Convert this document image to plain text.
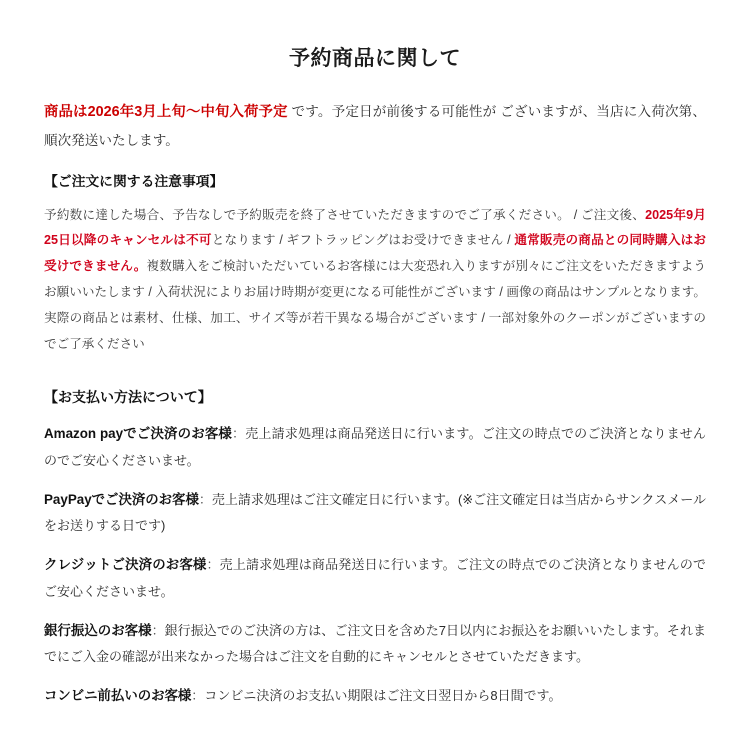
予約商品に関して

商品は2026年3月上旬〜中旬入荷予定 です。予定日が前後する可能性が ございますが、当店に入荷次第、順次発送いたします。

【ご注文に関する注意事項】

予約数に達した場合、予告なしで予約販売を終了させていただきますのでご了承ください。 / ご注文後、2025年9月25日以降のキャンセルは不可となります / ギフトラッピングはお受けできません / 通常販売の商品との同時購入はお受けできません。複数購入をご検討いただいているお客様には大変恐れ入りますが別々にご注文をいただきますようお願いいたします / 入荷状況によりお届け時期が変更になる可能性がございます / 画像の商品はサンプルとなります。実際の商品とは素材、仕様、加工、サイズ等が若干異なる場合がございます / 一部対象外のクーポンがございますのでご了承ください

【お支払い方法について】

Amazon payでご決済のお客様：売上請求処理は商品発送日に行います。ご注文の時点でのご決済となりませんのでご安心くださいませ。

PayPayでご決済のお客様：売上請求処理はご注文確定日に行います。(※ご注文確定日は当店からサンクスメールをお送りする日です)

クレジットご決済のお客様：売上請求処理は商品発送日に行います。ご注文の時点でのご決済となりませんのでご安心くださいませ。

銀行振込のお客様：銀行振込でのご決済の方は、ご注文日を含めた7日以内にお振込をお願いいたします。それまでにご入金の確認が出来なかった場合はご注文を自動的にキャンセルとさせていただきます。

コンビニ前払いのお客様：コンビニ決済のお支払い期限はご注文日翌日から8日間です。
